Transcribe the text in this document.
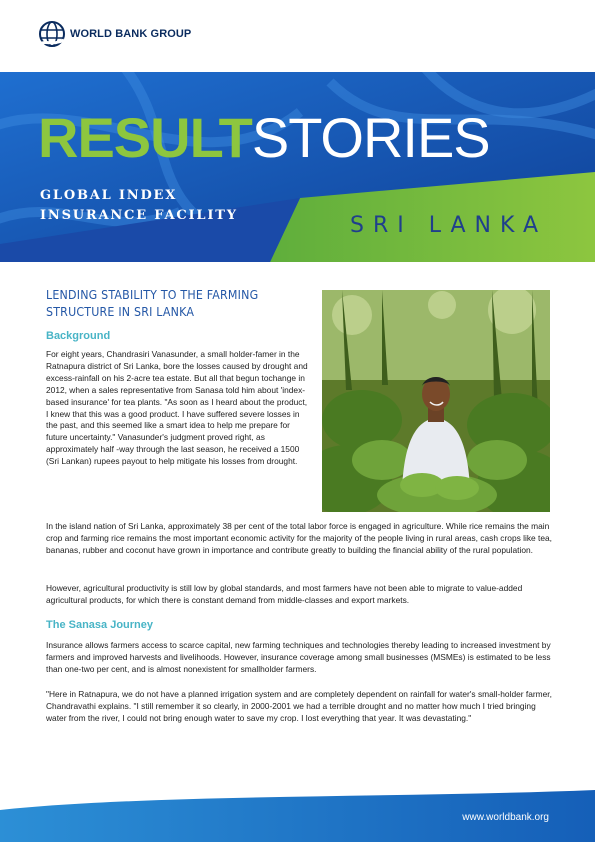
WORLD BANK GROUP
RESULTSTORIES
GLOBAL INDEX
INSURANCE FACILITY	SRI LANKA
LENDING STABILITY TO THE FARMING
STRUCTURE IN SRI LANKA
Background

For eight years, Chandrasiri Vanasunder, a small holder-famer in the Ratnapura district of Sri Lanka, bore the losses caused by drought and excess-rainfall on his 2-acre tea estate. But all that begun tochange in 2012, when a sales representative from Sanasa told him about 'index-based insurance' for tea plants. "As soon as I heard about the product, I knew that this was a good product. I have suffered severe losses in the past, and this seemed like a smart idea to help me prepare for future uncertainty." Vanasunder's judgment proved right, as approximately half -way through the last season, he received a 1500 (Sri Lankan) rupees payout to help mitigate his losses from drought.

In the island nation of Sri Lanka, approximately 38 per cent of the total labor force is engaged in agriculture. While rice remains the main crop and farming rice remains the most important economic activity for the majority of the people living in rural areas, cash crops like tea, bananas, rubber and coconut have grown in importance and contribute greatly to building the financial ability of the rural population.

However, agricultural productivity is still low by global standards, and most farmers have not been able to migrate to value-added agricultural products, for which there is constant demand from middle-classes and export markets.

The Sanasa Journey

Insurance allows farmers access to scarce capital, new farming techniques and technologies thereby leading to increased investment by farmers and improved harvests and livelihoods. However, insurance coverage among small businesses (MSMEs) is estimated to be less than one-two per cent, and is almost nonexistent for smallholder farmers.

"Here in Ratnapura, we do not have a planned irrigation system and are completely dependent on rainfall for water's small-holder farmer, Chandravathi explains. "I still remember it so clearly, in 2000-2001 we had a terrible drought and no matter how much I tried bringing water from the river, I could not bring enough water to save my crop. I lost everything that year. It was devastating."

www.worldbank.org
